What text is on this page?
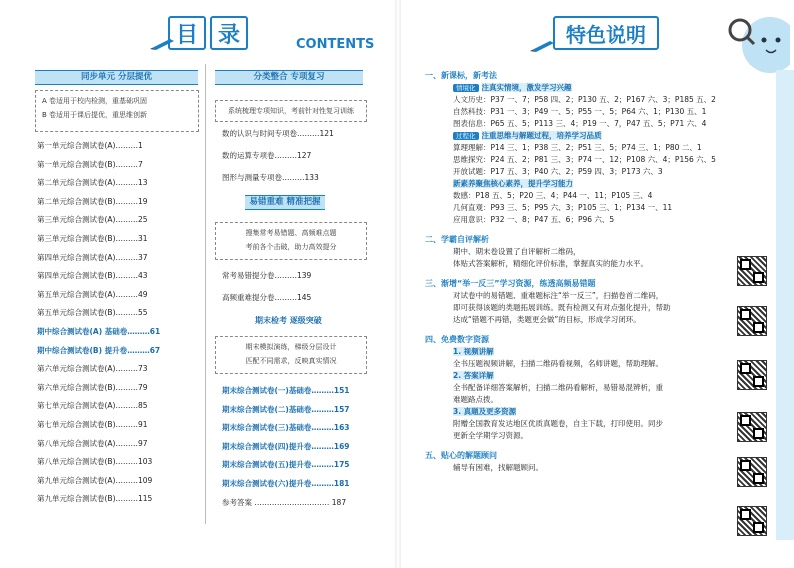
目 录	CONTENTS
同步单元 分层提优
A 卷适用于校内检测，重基础巩固
B 卷适用于课后提优，重思维创新
第一单元综合测试卷(A)………1
第一单元综合测试卷(B)………7
第二单元综合测试卷(A)………13
第二单元综合测试卷(B)………19
第三单元综合测试卷(A)………25
第三单元综合测试卷(B)………31
第四单元综合测试卷(A)………37
第四单元综合测试卷(B)………43
第五单元综合测试卷(A)………49
第五单元综合测试卷(B)………55
期中综合测试卷(A) 基础卷………61
期中综合测试卷(B) 提升卷………67
第六单元综合测试卷(A)………73
第六单元综合测试卷(B)………79
第七单元综合测试卷(A)………85
第七单元综合测试卷(B)………91
第八单元综合测试卷(A)………97
第八单元综合测试卷(B)………103
第九单元综合测试卷(A)………109
第九单元综合测试卷(B)………115
分类整合 专项复习
系统梳理专项知识，考前针对性复习训练
数的认识与时间专项卷………121
数的运算专项卷………127
图形与测量专项卷………133
易错重难 精准把握
搜集常考易错题、高频难点题
考前各个击破，助力高效提分
常考易错提分卷………139
高频重难提分卷………145
期末检考 逐级突破
期末模拟演练，梯级分层设计
匹配不同需求，反映真实情况
期末综合测试卷(一)基础卷………151
期末综合测试卷(二)基础卷………157
期末综合测试卷(三)基础卷………163
期末综合测试卷(四)提升卷………169
期末综合测试卷(五)提升卷………175
期末综合测试卷(六)提升卷………181
参考答案 ………………………… 187
特色说明
一、新课标，新考法
情境化 注真实情境，激发学习兴趣
人文历史：P37 一、7；P58 四、2；P130 五、2；P167 六、3；P185 五、2
自然科技：P31 一、3；P49 一、5；P55 一、5；P64 六、1；P130 五、1
图表信息：P65 五、5；P113 三、4；P19 一、7，P47 五、5；P71 六、4
过程化 注重思维与解题过程，培养学习品质
算理理解：P14 三、1；P38 三、2；P51 三、5；P74 三、1；P80 二、1
思维探究：P24 五、2；P81 三、3；P74 一、12；P108 六、4；P156 六、5
开放试题：P17 五、3；P40 六、2；P59 四、3；P173 六、3
新素养聚焦核心素养，提升学习能力
数感：P18 五、5；P20 三、4；P44 一、11；P105 三、4
几何直观：P93 三、5；P95 六、3；P105 三、1；P134 一、11
应用意识：P32 一、8；P47 五、6；P96 六、5
二、学霸自评解析
期中、期末卷设置了自评解析二维码，
体贴式答案解析，精细化评价标准，掌握真实的能力水平。
三、渐增“举一反三”学习资源，练透高频易错题
对试卷中的易错题、重难题标注“举一反三”，扫描卷首二维码，
即可获得该题的类题拓展训练。既有检测又有对点强化提升，帮助
达成“错题不再错，类题更会做”的目标，形成学习闭环。
四、免费数字资源
1. 视频讲解
全书压题视频讲解，扫描二维码看视频，名师讲题，帮助理解。
2. 答案详解
全书配备详细答案解析，扫描二维码看解析，易错易混辨析，重
难题路点拨。
3. 真题及更多资源
附赠全国教育发达地区优质真题卷，自主下载，打印使用。同步
更新全学期学习资源。
五、贴心的解题顾问
辅导有困难，找解题顾问。
